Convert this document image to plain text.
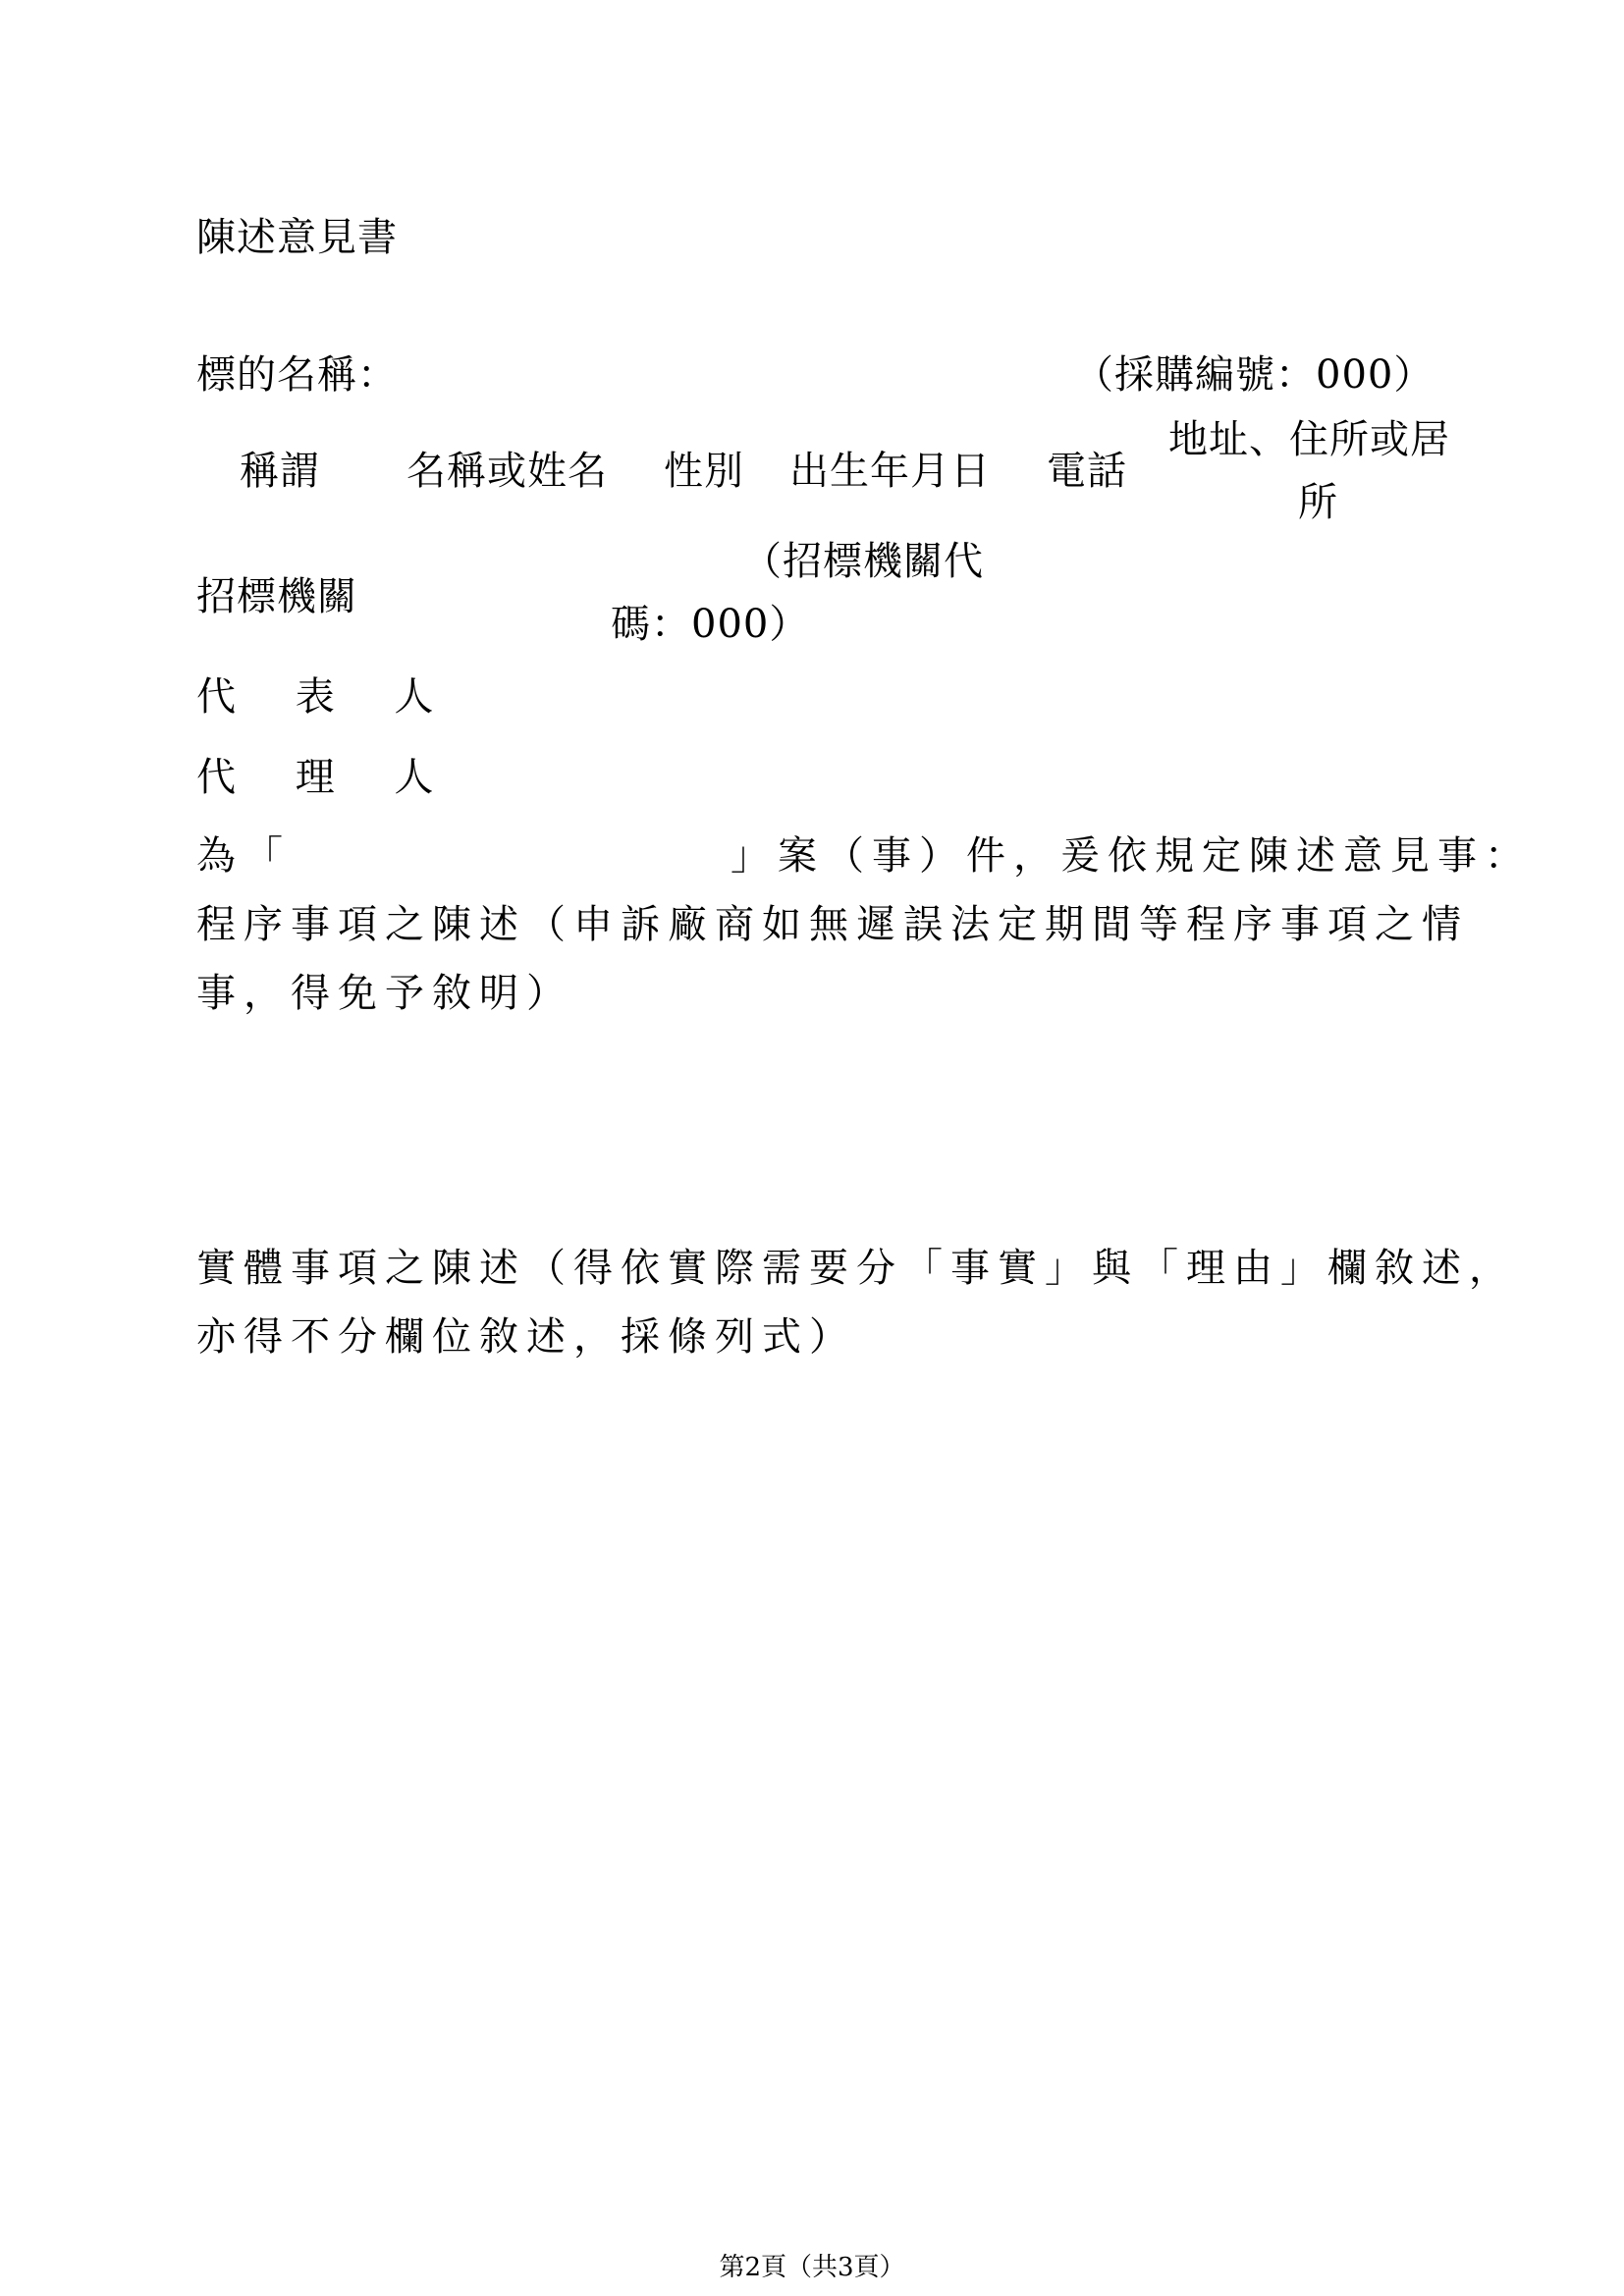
陳述意見書
標的名稱：	（採購編號：000）
稱謂 名稱或姓名 性別 出生年月日 電話
地址、住所或居
所
招標機關
（招標機關代
碼：000）
代 表 人
代 理 人
為「	」案（事）件，爰依規定陳述意見事：
程序事項之陳述（申訴廠商如無遲誤法定期間等程序事項之情
事，得免予敘明）
實體事項之陳述（得依實際需要分「事實」與「理由」欄敘述，
亦得不分欄位敘述，採條列式）
第2頁（共3頁）
